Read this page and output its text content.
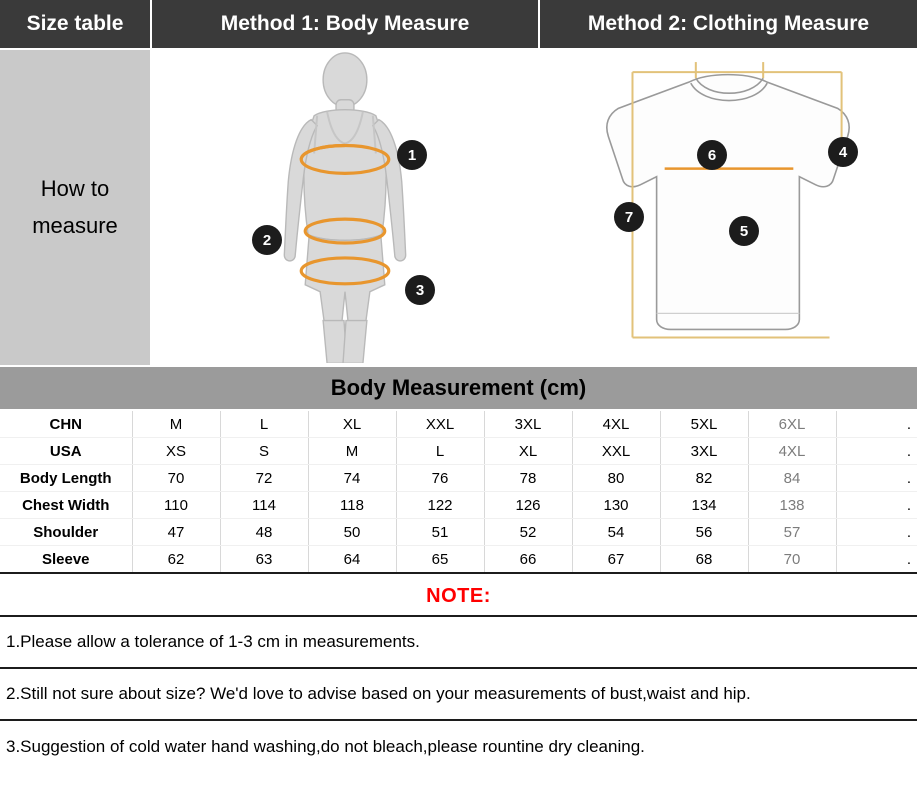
Size table	Method 1: Body Measure	Method 2: Clothing Measure
How to
measure
1
2
3
6	4
7
5
Body Measurement (cm)
CHN	M	L	XL	XXL	3XL	4XL	5XL	6XL	.
USA	XS	S	M	L	XL	XXL	3XL	4XL	.
Body Length	70	72	74	76	78	80	82	84	.
Chest Width	110	114	118	122	126	130	134	138	.
Shoulder	47	48	50	51	52	54	56	57	.
Sleeve	62	63	64	65	66	67	68	70	.
NOTE:
1.Please allow a tolerance of 1-3 cm in measurements.
2.Still not sure about size? We'd love to advise based on your measurements of bust,waist and hip.
3.Suggestion of cold water hand washing,do not bleach,please rountine dry cleaning.
